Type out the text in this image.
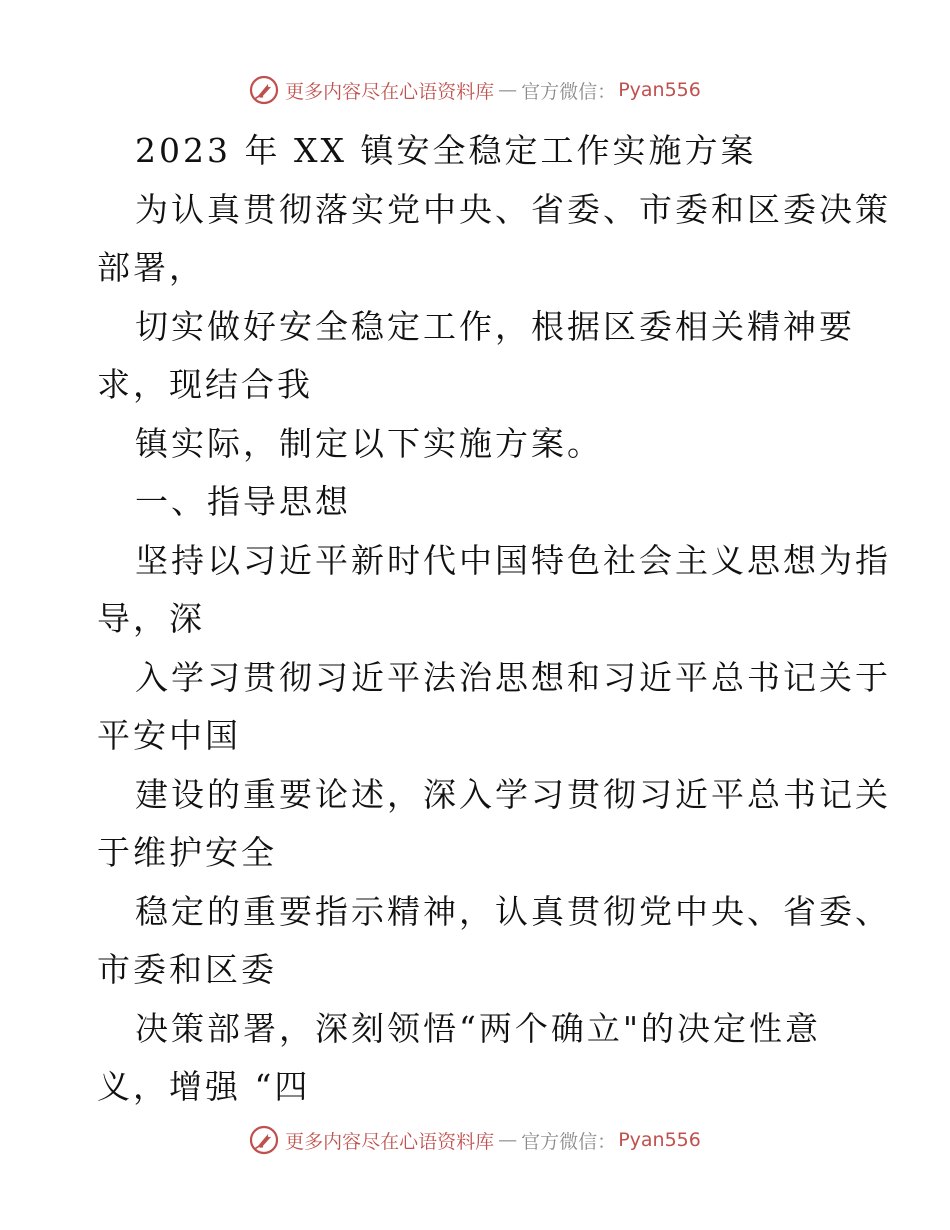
更多内容尽在心语资料库 — 官方微信： Pyan556
2023 年 XX 镇安全稳定工作实施方案
为认真贯彻落实党中央、省委、市委和区委决策
部署，
切实做好安全稳定工作，根据区委相关精神要
求，现结合我
镇实际，制定以下实施方案。
一、指导思想
坚持以习近平新时代中国特色社会主义思想为指
导，深
入学习贯彻习近平法治思想和习近平总书记关于
平安中国
建设的重要论述，深入学习贯彻习近平总书记关
于维护安全
稳定的重要指示精神，认真贯彻党中央、省委、
市委和区委
决策部署，深刻领悟“两个确立"的决定性意
义，增强 “四
更多内容尽在心语资料库 — 官方微信： Pyan556
